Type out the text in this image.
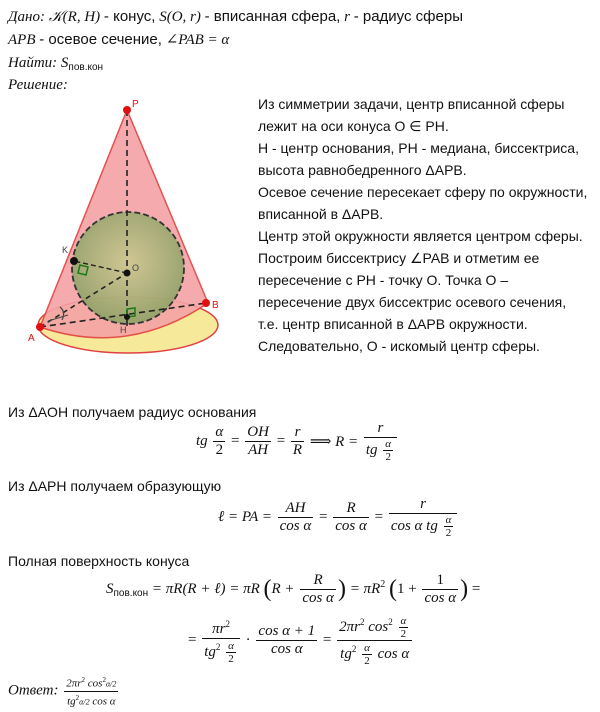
Дано: 𝒦(R, H) - конус, S(O, r) - вписанная сфера, r - радиус сферы
APB - осевое сечение, ∠PAB = α
Найти: $S_{пов.кон}$
Решение:
P
B
A
K
H
O

Из симметрии задачи, центр вписанной сферы

лежит на оси конуса O ∈ PH.

H - центр основания, PH - медиана, биссектриса,

высота равнобедренного ΔAPB.

Осевое сечение пересекает сферу по окружности,

вписанной в ΔAPB.

Центр этой окружности является центром сферы.

Построим биссектрису ∠PAB и отметим ее

пересечение с PH - точку O. Точка O –

пересечение двух биссектрис осевого сечения,

т.е. центр вписанной в ΔAPB окружности.

Следовательно, O - искомый центр сферы.

Из ΔAOH получаем радиус основания
tg $\frac{\alpha}{2} = \frac{OH}{AH} = \frac{r}{R}$ ⟹ $R = \frac{r}{tg \frac{\alpha}{2}}$
Из ΔAPH получаем образующую
ℓ = PA = $\frac{AH}{\text{cos α}} = \frac{R}{\text{cos α}} = \frac{r}{\cos \alpha tg \frac{\alpha}{2}}$
Полная поверхность конуса
$S_{пов.кон} = \pi R(R$ + ℓ) = πR ($R + \frac{R}{\text{cos α}}$ ) = $\pi R^2$ ($1 + \frac{1}{\text{cos α}}$ ) =
= $\frac{\pi r^2}{tg^2 \frac{\alpha}{2}} \cdot \frac{\text{cos α + 1}}{\text{cos α}} = \frac{2\pi r^2 \cos^2 \frac{\alpha}{2}}{tg^2 \frac{\alpha}{2} \cos \alpha}$
Ответ: $\frac{2\pi r^2 \cos^2\alpha/2}{tg^2\alpha/2 \cos \alpha}$
